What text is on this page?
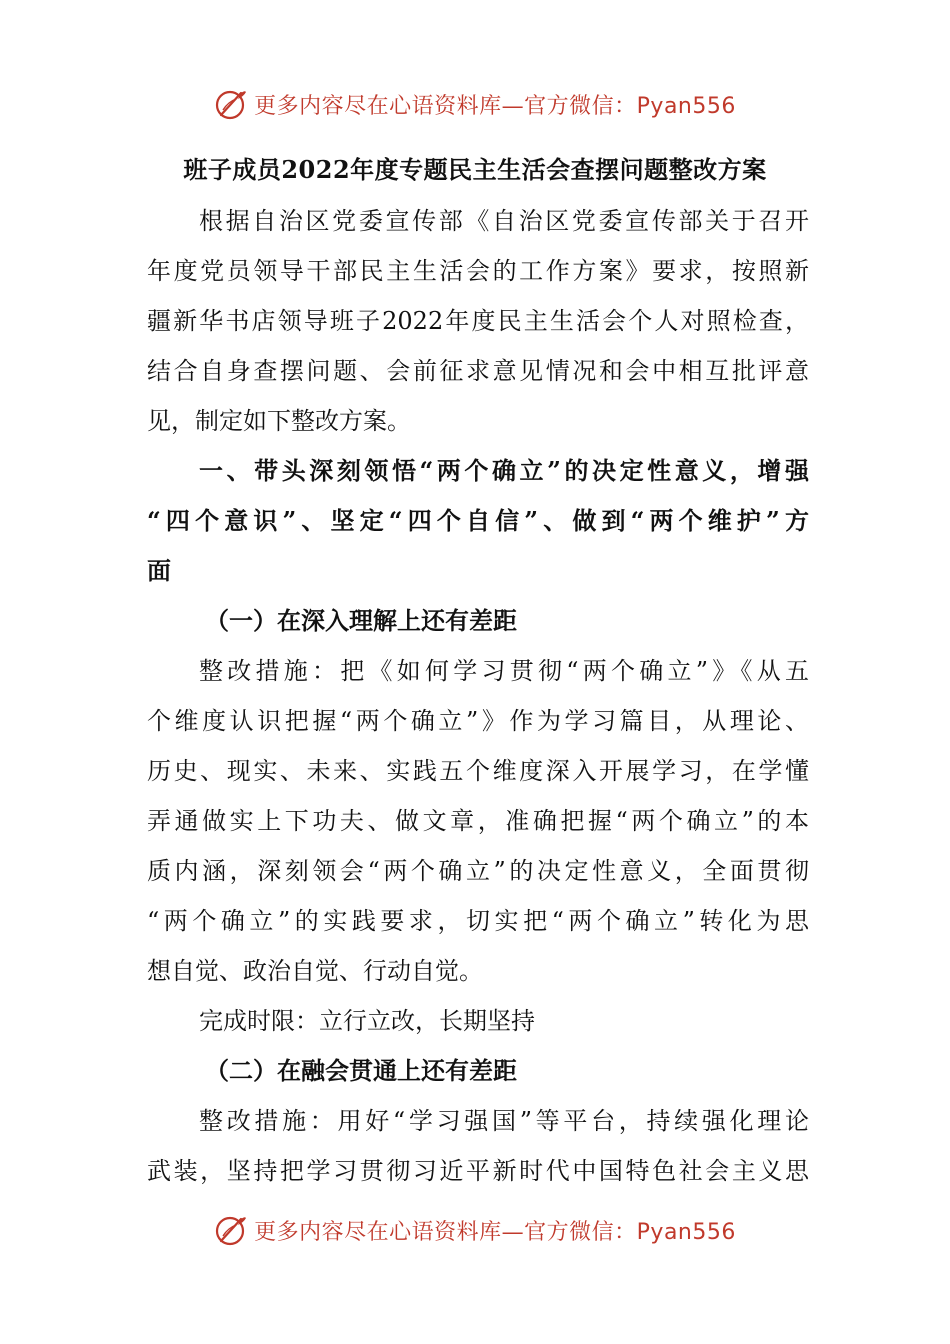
更多内容尽在心语资料库—官方微信：Pyan556
班子成员2022年度专题民主生活会查摆问题整改方案
根据自治区党委宣传部《自治区党委宣传部关于召开
年度党员领导干部民主生活会的工作方案》要求，按照新
疆新华书店领导班子2022年度民主生活会个人对照检查，
结合自身查摆问题、会前征求意见情况和会中相互批评意
见，制定如下整改方案。
一、带头深刻领悟“两个确立”的决定性意义，增强
“四个意识”、坚定“四个自信”、做到“两个维护”方
面
（一）在深入理解上还有差距
整改措施：把《如何学习贯彻“两个确立”》《从五
个维度认识把握“两个确立”》作为学习篇目，从理论、
历史、现实、未来、实践五个维度深入开展学习，在学懂
弄通做实上下功夫、做文章，准确把握“两个确立”的本
质内涵，深刻领会“两个确立”的决定性意义，全面贯彻
“两个确立”的实践要求，切实把“两个确立”转化为思
想自觉、政治自觉、行动自觉。
完成时限：立行立改，长期坚持
（二）在融会贯通上还有差距
整改措施：用好“学习强国”等平台，持续强化理论
武装，坚持把学习贯彻习近平新时代中国特色社会主义思
更多内容尽在心语资料库—官方微信：Pyan556
